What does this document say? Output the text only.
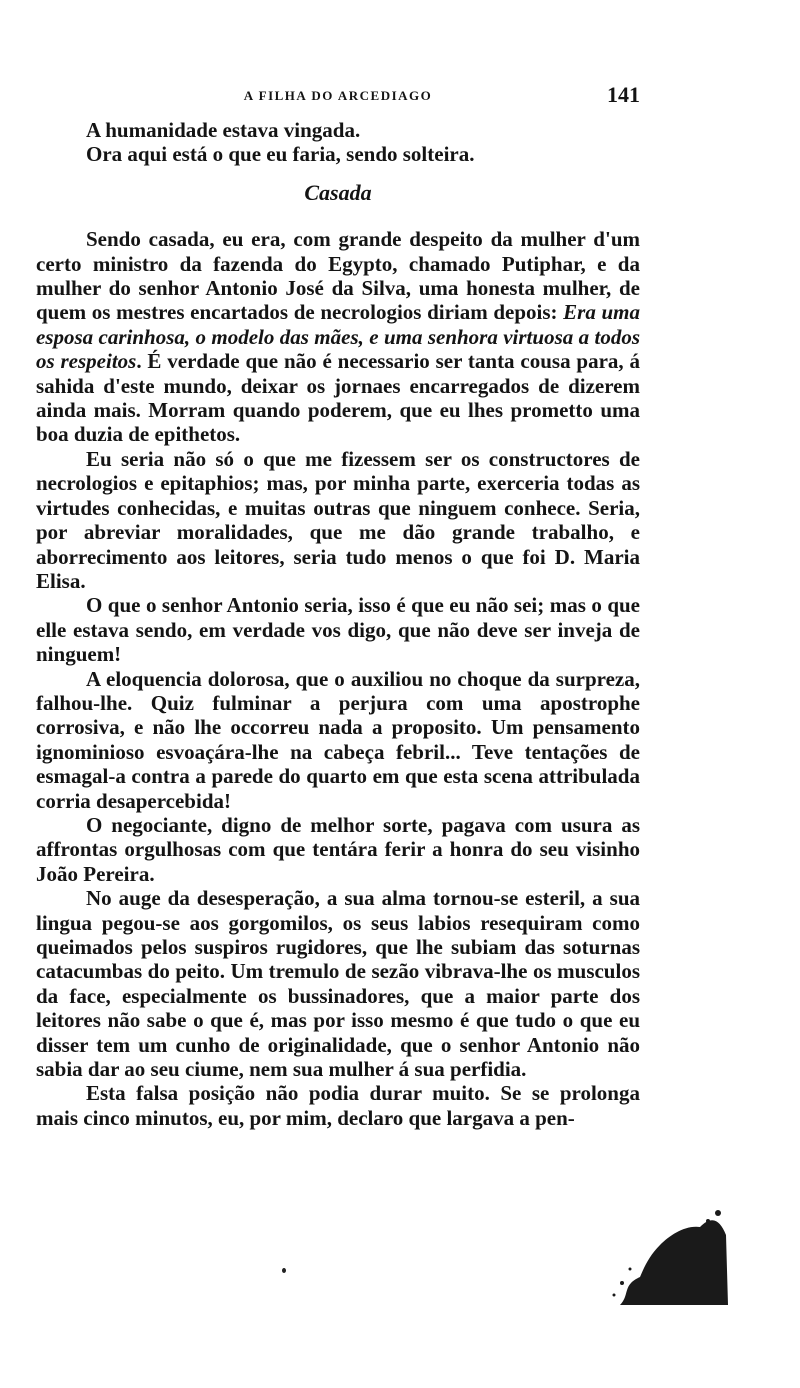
A FILHA DO ARCEDIAGO	141

A humanidade estava vingada.

Ora aqui está o que eu faria, sendo solteira.

Casada

Sendo casada, eu era, com grande despeito da mulher d'um certo ministro da fazenda do Egypto, chamado Putiphar, e da mulher do senhor Antonio José da Silva, uma honesta mulher, de quem os mestres encartados de necrologios diriam depois: Era uma esposa carinhosa, o modelo das mães, e uma senhora virtuosa a todos os respeitos. É verdade que não é necessario ser tanta cousa para, á sahida d'este mundo, deixar os jornaes encarregados de dizerem ainda mais. Morram quando poderem, que eu lhes prometto uma boa duzia de epithetos.

Eu seria não só o que me fizessem ser os constructores de necrologios e epitaphios; mas, por minha parte, exerceria todas as virtudes conhecidas, e muitas outras que ninguem conhece. Seria, por abreviar moralidades, que me dão grande trabalho, e aborrecimento aos leitores, seria tudo menos o que foi D. Maria Elisa.

O que o senhor Antonio seria, isso é que eu não sei; mas o que elle estava sendo, em verdade vos digo, que não deve ser inveja de ninguem!

A eloquencia dolorosa, que o auxiliou no choque da surpreza, falhou-lhe. Quiz fulminar a perjura com uma apostrophe corrosiva, e não lhe occorreu nada a proposito. Um pensamento ignominioso esvoaçára-lhe na cabeça febril... Teve tentações de esmagal-a contra a parede do quarto em que esta scena attribulada corria desapercebida!

O negociante, digno de melhor sorte, pagava com usura as affrontas orgulhosas com que tentára ferir a honra do seu visinho João Pereira.

No auge da desesperação, a sua alma tornou-se esteril, a sua lingua pegou-se aos gorgomilos, os seus labios resequiram como queimados pelos suspiros rugidores, que lhe subiam das soturnas catacumbas do peito. Um tremulo de sezão vibrava-lhe os musculos da face, especialmente os bussinadores, que a maior parte dos leitores não sabe o que é, mas por isso mesmo é que tudo o que eu disser tem um cunho de originalidade, que o senhor Antonio não sabia dar ao seu ciume, nem sua mulher á sua perfidia.

Esta falsa posição não podia durar muito. Se se prolonga mais cinco minutos, eu, por mim, declaro que largava a pen-
